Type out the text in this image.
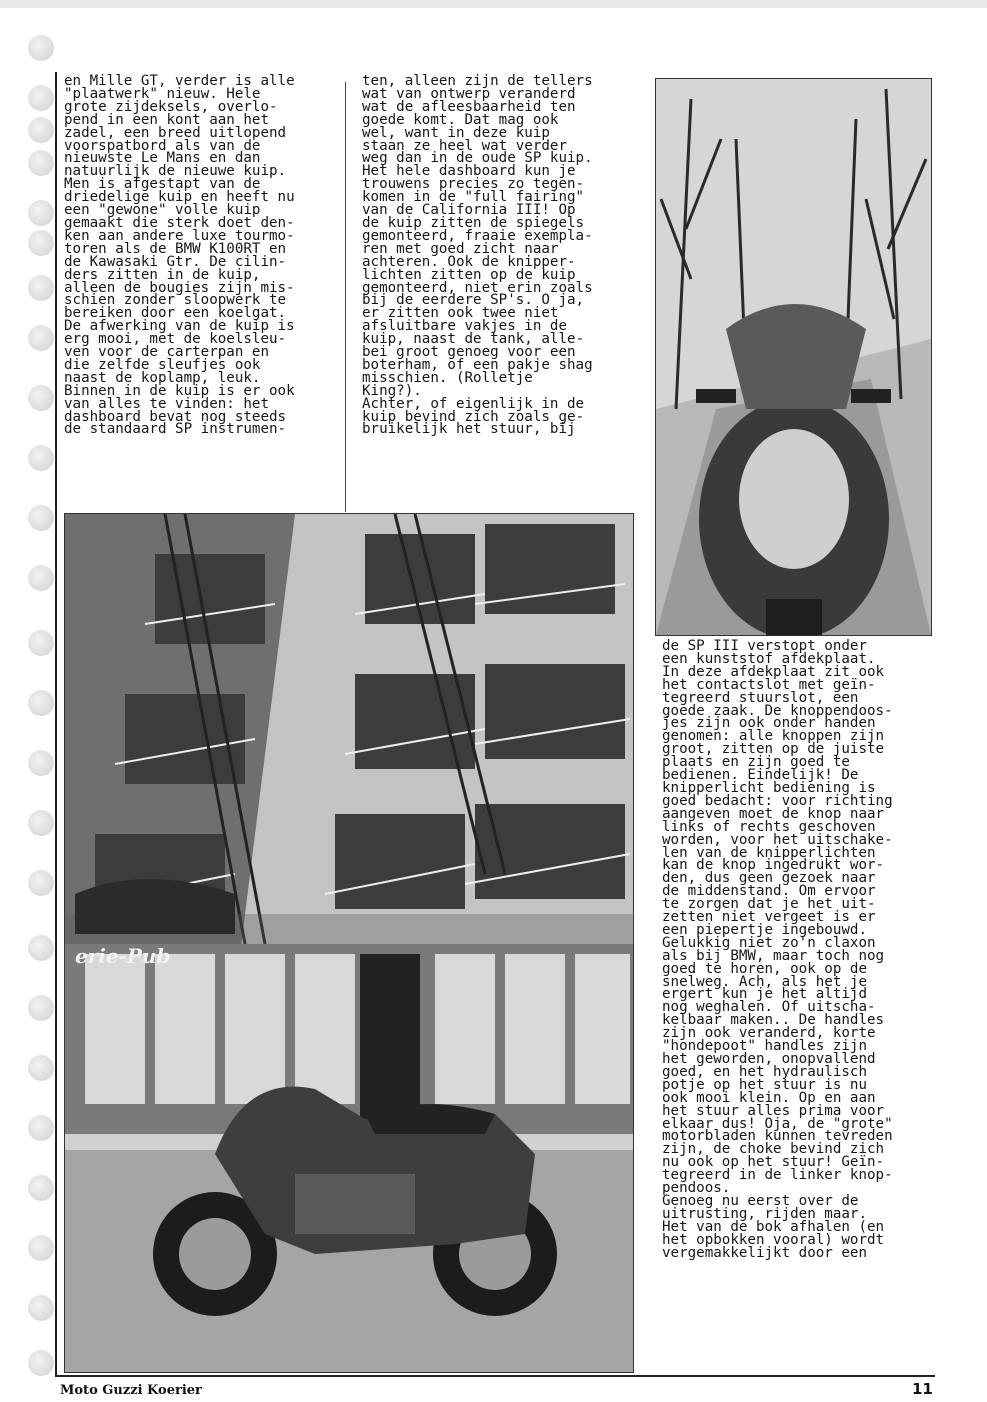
en Mille GT, verder is alle
"plaatwerk" nieuw. Hele
grote zijdeksels, overlo-
pend in een kont aan het
zadel, een breed uitlopend
voorspatbord als van de
nieuwste Le Mans en dan
natuurlijk de nieuwe kuip.
Men is afgestapt van de
driedelige kuip en heeft nu
een "gewone" volle kuip
gemaakt die sterk doet den-
ken aan andere luxe tourmo-
toren als de BMW K100RT en
de Kawasaki Gtr. De cilin-
ders zitten in de kuip,
alleen de bougies zijn mis-
schien zonder sloopwerk te
bereiken door een koelgat.
De afwerking van de kuip is
erg mooi, met de koelsleu-
ven voor de carterpan en
die zelfde sleufjes ook
naast de koplamp, leuk.
Binnen in de kuip is er ook
van alles te vinden: het
dashboard bevat nog steeds
de standaard SP instrumen-
ten, alleen zijn de tellers
wat van ontwerp veranderd
wat de afleesbaarheid ten
goede komt. Dat mag ook
wel, want in deze kuip
staan ze heel wat verder
weg dan in de oude SP kuip.
Het hele dashboard kun je
trouwens precies zo tegen-
komen in de "full fairing"
van de California III! Op
de kuip zitten de spiegels
gemonteerd, fraaie exempla-
ren met goed zicht naar
achteren. Ook de knipper-
lichten zitten op de kuip
gemonteerd, niet erin zoals
bij de eerdere SP's. O ja,
er zitten ook twee niet
afsluitbare vakjes in de
kuip, naast de tank, alle-
bei groot genoeg voor een
boterham, of een pakje shag
misschien. (Rolletje
King?).
Achter, of eigenlijk in de
kuip bevind zich zoals ge-
bruikelijk het stuur, bij
erie-Pub
de SP III verstopt onder
een kunststof afdekplaat.
In deze afdekplaat zit ook
het contactslot met geïn-
tegreerd stuurslot, een
goede zaak. De knoppendoos-
jes zijn ook onder handen
genomen: alle knoppen zijn
groot, zitten op de juiste
plaats en zijn goed te
bedienen. Eindelijk! De
knipperlicht bediening is
goed bedacht: voor richting
aangeven moet de knop naar
links of rechts geschoven
worden, voor het uitschake-
len van de knipperlichten
kan de knop ingedrukt wor-
den, dus geen gezoek naar
de middenstand. Om ervoor
te zorgen dat je het uit-
zetten niet vergeet is er
een piepertje ingebouwd.
Gelukkig niet zo'n claxon
als bij BMW, maar toch nog
goed te horen, ook op de
snelweg. Ach, als het je
ergert kun je het altijd
nog weghalen. Of uitscha-
kelbaar maken.. De handles
zijn ook veranderd, korte
"hondepoot" handles zijn
het geworden, onopvallend
goed, en het hydraulisch
potje op het stuur is nu
ook mooi klein. Op en aan
het stuur alles prima voor
elkaar dus! Oja, de "grote"
motorbladen kunnen tevreden
zijn, de choke bevind zich
nu ook op het stuur! Geïn-
tegreerd in de linker knop-
pendoos.
Genoeg nu eerst over de
uitrusting, rijden maar.
Het van de bok afhalen (en
het opbokken vooral) wordt
vergemakkelijkt door een
Moto Guzzi Koerier	11
